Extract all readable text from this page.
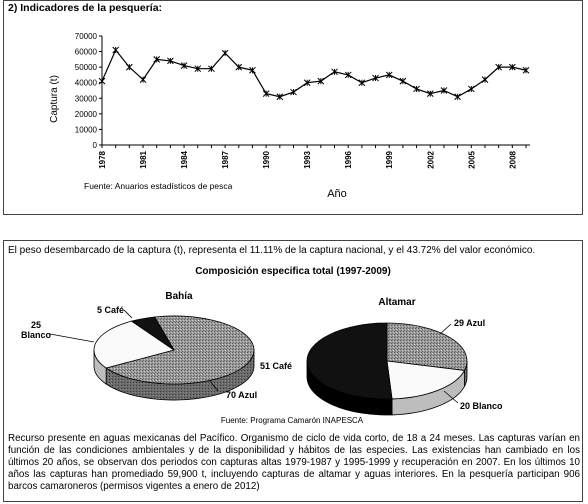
2) Indicadores de la pesquería:
0
10000
20000
30000
40000
50000
60000
70000
1978	1981	1984	1987	1990	1993	1996	1999	2002	2005	2008
Fuente: Anuarios estadísticos de pesca
Año
Captura (t)
El peso desembarcado de la captura (t), representa el 11.11% de la captura nacional, y el 43.72% del valor económico.
Composición especifica total (1997-2009)
70 Azul
25 Blanco
5 Café
29 Azul
20 Blanco
51 Café
Bahía
Altamar
Fuente: Programa Camarón INAPESCA
Recurso presente en aguas mexicanas del Pacífico. Organismo de ciclo de vida corto, de 18 a 24 meses. Las capturas varían en función de las condiciones ambientales y de la disponibilidad y hábitos de las especies. Las existencias han cambiado en los últimos 20 años, se observan dos periodos con capturas altas 1979-1987 y 1995-1999 y recuperación en 2007. En los últimos 10 años las capturas han promediado 59,900 t, incluyendo capturas de altamar y aguas interiores. En la pesquería participan 906 barcos camaroneros (permisos vigentes a enero de 2012)
